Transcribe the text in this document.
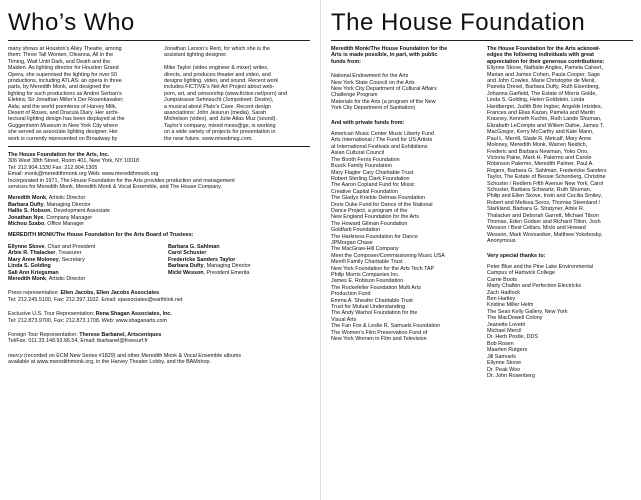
Who’s Who
many shows at Houston’s Alley Theatre, among
them: Three Tall Women, Oleanna, All in the
Timing, Wait Until Dark, and Death and the
Maiden. As lighting director for Houston Grand
Opera, she supervised the lighting for over 50
productions, including ATLAS: an opera in three
parts, by Meredith Monk, and designed the
lighting for such productions as Andrei Serban’s
Elektra; Sir Jonathan Miller’s Der Rosenkavalier;
Aida; and the world premieres of Harvey Milk,
Desert of Roses, and Dracula Diary. Her archi-
tectural lighting design has been displayed at the
Guggenheim Museum in New York City where
she served as associate lighting designer. Her
work is currently represented on Broadway by
Jonathan Larson’s Rent, for which she is the
assistant lighting designer.

Mike Taylor (video engineer & mixer) writes,
directs, and produces theater and video, and
designs lighting, video, and sound. Recent work
includes FICTIVE’s Net Art Project about web-
porn, art, and censorship (www.fictive.net/porn) and
Jumpstrasse Sehnsucht (Jumpstreet: Desire),
a musical about Plato’s Cave. Recent design
associations: John Jesurun (media), Sarah
Michelson (video), and Julie Atlas Muz (sound).
Taylor’s company, mixed mess@ge, is working
on a wide variety of projects for presentation in
the near future. www.mixedmsg.com.
The House Foundation for the Arts, Inc.
306 West 38th Street, Room 401, New York, NY 10018
Tel: 212.904.1330 Fax: 212.904.1305
Email: monk@meredithmonk.org Web: www.meredithmonk.org
Incorporated in 1971, The House Foundation for the Arts provides production and management
services for Meredith Monk, Meredith Monk & Vocal Ensemble, and The House Company.
Meredith Monk, Artistic Director
Barbara Dufty, Managing Director
Hallie S. Hobson, Development Associate
Jonathan Nye, Company Manager
Michou Szabo, Office Manager
MEREDITH MONK/The House Foundation for the Arts Board of Trustees:
Ellynne Skove, Chair and President
Arbie R. Thalacker, Treasurer
Mary Anne Moloney, Secretary
Linda S. Golding
Sali Ann Kriegsman
Meredith Monk, Artistic Director
Barbara G. Sahlman
Carol Schuster
Fredericke Sanders Taylor
Barbara Dufty, Managing Director
Micki Wesson, President Emerita
Press representative: Ellen Jacobs, Ellen Jacobs Associates
Tel: 212.245.5100, Fax: 212.397.1102. Email: ejassociates@earthlink.net
Exclusive U.S. Tour Representation: Rena Shagan Associates, Inc.
Tel: 212.873.9700, Fax: 212.873.1708. Web: www.shaganarts.com
Foreign Tour Representation: Therese Barbanel, Artsceniques
Tel/Fax: 011.33.148.93.66.54, Email: tbarbanel@froesurf.fr
mercy (recorded on ECM New Series #1829) and other Meredith Monk & Vocal Ensemble albums
available at www.meredithmonk.org, in the Harvey Theater Lobby, and the BAMshop.
The House Foundation
Meredith Monk/The House Foundation for the
Arts is made possible, in part, with public
funds from:
National Endowment for the Arts
New York State Council on the Arts
New York City Department of Cultural Affairs
Challenge Program
Materials for the Arts (a program of the New
York City Department of Sanitation)
And with private funds from:
American Music Center Music Liberty Fund
Arts International / The Fund for US Artists
at International Festivals and Exhibitions
Asian Cultural Council
The Booth Ferris Foundation
Buuck Family Foundation
Mary Flagler Cary Charitable Trust
Robert Sterling Clark Foundation
The Aaron Copland Fund for Music
Creative Capital Foundation
The Gladys Krieble Delmas Foundation
Doris Duke Fund for Dance of the National
Dance Project, a program of the
New England Foundation for the Arts
The Howard Gilman Foundation
Goldfarb Foundation
The Harkness Foundation for Dance
JPMorgan Chase
The MacGraw-Hill Company
Meet the Composer/Commissioning Music USA
Merrill Family Charitable Trust
New York Foundation for the Arts Tech TAP
Philip Morris Companies Inc.
James E. Robison Foundation
The Rockefeller Foundation Multi Arts
Production Fund
Emma A. Sheafer Charitable Trust
Trust for Mutual Understanding
The Andy Warhol Foundation for the
Visual Arts
The Fan Fox & Leslie R. Samuels Foundation
The Women’s Film Preservation Fund of
New York Women in Film and Television
The House Foundation for the Arts acknowl-
edges the following individuals with great
appreciation for their generous contributions:
Ellynne Skove, Nathalie Angles, Pamela Calvert,
Marian and James Cohen, Paula Cooper, Sage
and John Cowles, Marie Christophe de Menil,
Pamela Drexel, Barbara Dufty, Ruth Eisenberg,
Johanna Garfield, The Estate of Morris Golde,
Linda S. Golding, Helen Goldstein, Linda
Hardberger, Judith Brin Ingber, Angeliki Intzides,
Frances and Elias Kazan, Pamela and Martin
Krasney, Kenneth Kuchin, Ruth Lande Shuman,
Elizabeth LeCompte and Willem Dafoe, James T.
MacGregor, Kerry McCarthy and Kate Mann,
Paul L. Merrill, Slade R. Metcalf, Mary Anne
Moloney, Meredith Monk, Warren Neidich,
Frederic and Barbara Newman, Yoko Ono,
Victoria Paine, Mark H. Palermo and Carole
Robinson Palermo, Meredith Palmer, Paul A.
Rogers, Barbara G. Sahlman, Fredericke Sanders
Taylor, The Estate of Bessie Schonberg, Christine
Schuster / Redlern Fifth Avenue New York, Carol
Schuster, Barbara Schwartz, Ruth Shuman,
Philip and Ellen Skove, Irwin and Cecilia Smiley,
Robert and Melissa Soros, Thomas Steenland /
Starkland, Barbara G. Stratyner, Arbie R.
Thalacker and Deborah Garrett, Michael Tilson
Thomas, Eden Godser and Richard Tilton, Josh
Wesson / Best Cellars, Micki and Howard
Wesson, Mark Wovsaniker, Matthew Yokobosky,
Anonymous.
Very special thanks to:
Peter Blue and the Pine Lake Environmental
Campus of Hartwick College
Carrie Boots
Marty Chafkin and Perfection Electricks
Zach Hadlock
Ben Hartley
Kristine Miller Helm
The Sean Kelly Gallery, New York
The MacDowell Colony
Jeanette Lovetri
Michael Mercil
Dr. Herb Postle, DDS
Bob Rosen
Maarten Rutgers
Jill Samuels
Ellynne Skove
Dr. Peak Woo
Dr. John Rosenberg
